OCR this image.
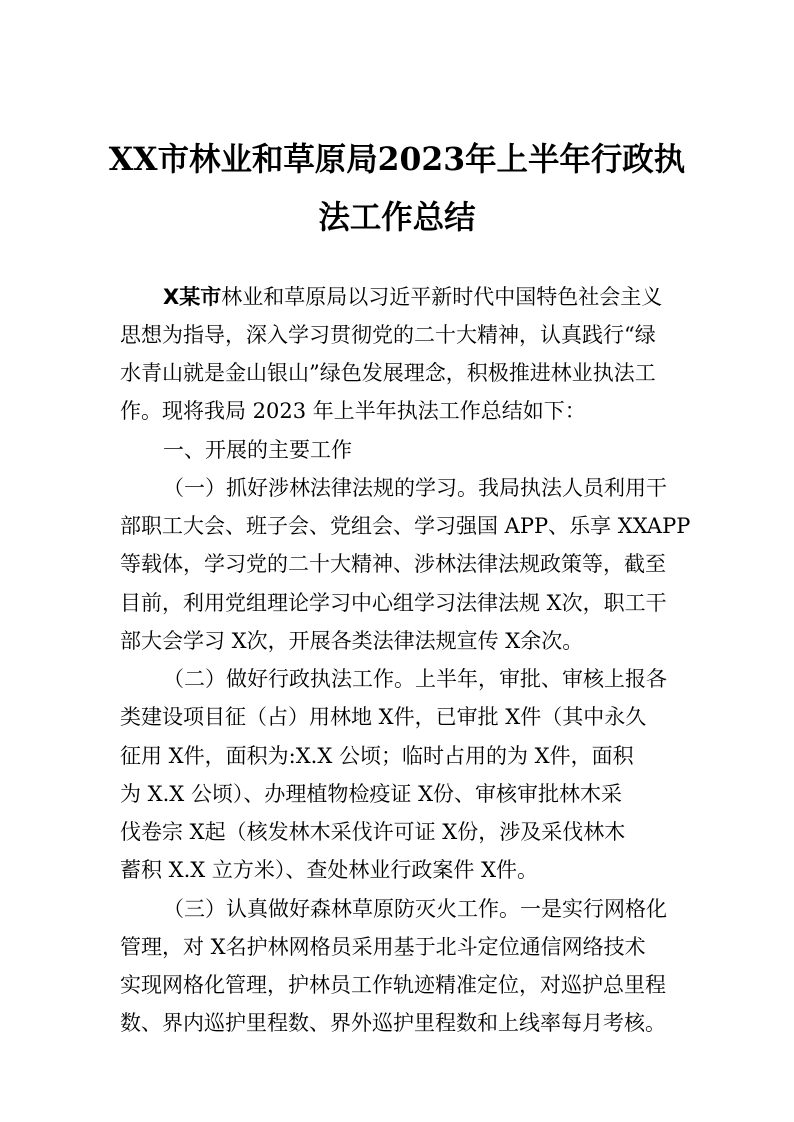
XX市林业和草原局2023年上半年行政执
法工作总结

X某市林业和草原局以习近平新时代中国特色社会主义

思想为指导，深入学习贯彻党的二十大精神，认真践行“绿

水青山就是金山银山”绿色发展理念，积极推进林业执法工

作。现将我局 2023 年上半年执法工作总结如下：

一、开展的主要工作

（一）抓好涉林法律法规的学习。我局执法人员利用干

部职工大会、班子会、党组会、学习强国 APP、乐享 XXAPP

等载体，学习党的二十大精神、涉林法律法规政策等，截至

目前，利用党组理论学习中心组学习法律法规 X次，职工干

部大会学习 X次，开展各类法律法规宣传 X余次。

（二）做好行政执法工作。上半年，审批、审核上报各

类建设项目征（占）用林地 X件，已审批 X件（其中永久

征用 X件，面积为:X.X 公顷；临时占用的为 X件，面积

为 X.X 公顷）、办理植物检疫证 X份、审核审批林木采

伐卷宗 X起（核发林木采伐许可证 X份，涉及采伐林木

蓄积 X.X 立方米）、查处林业行政案件 X件。

（三）认真做好森林草原防灭火工作。一是实行网格化

管理，对 X名护林网格员采用基于北斗定位通信网络技术

实现网格化管理，护林员工作轨迹精准定位，对巡护总里程

数、界内巡护里程数、界外巡护里程数和上线率每月考核。
